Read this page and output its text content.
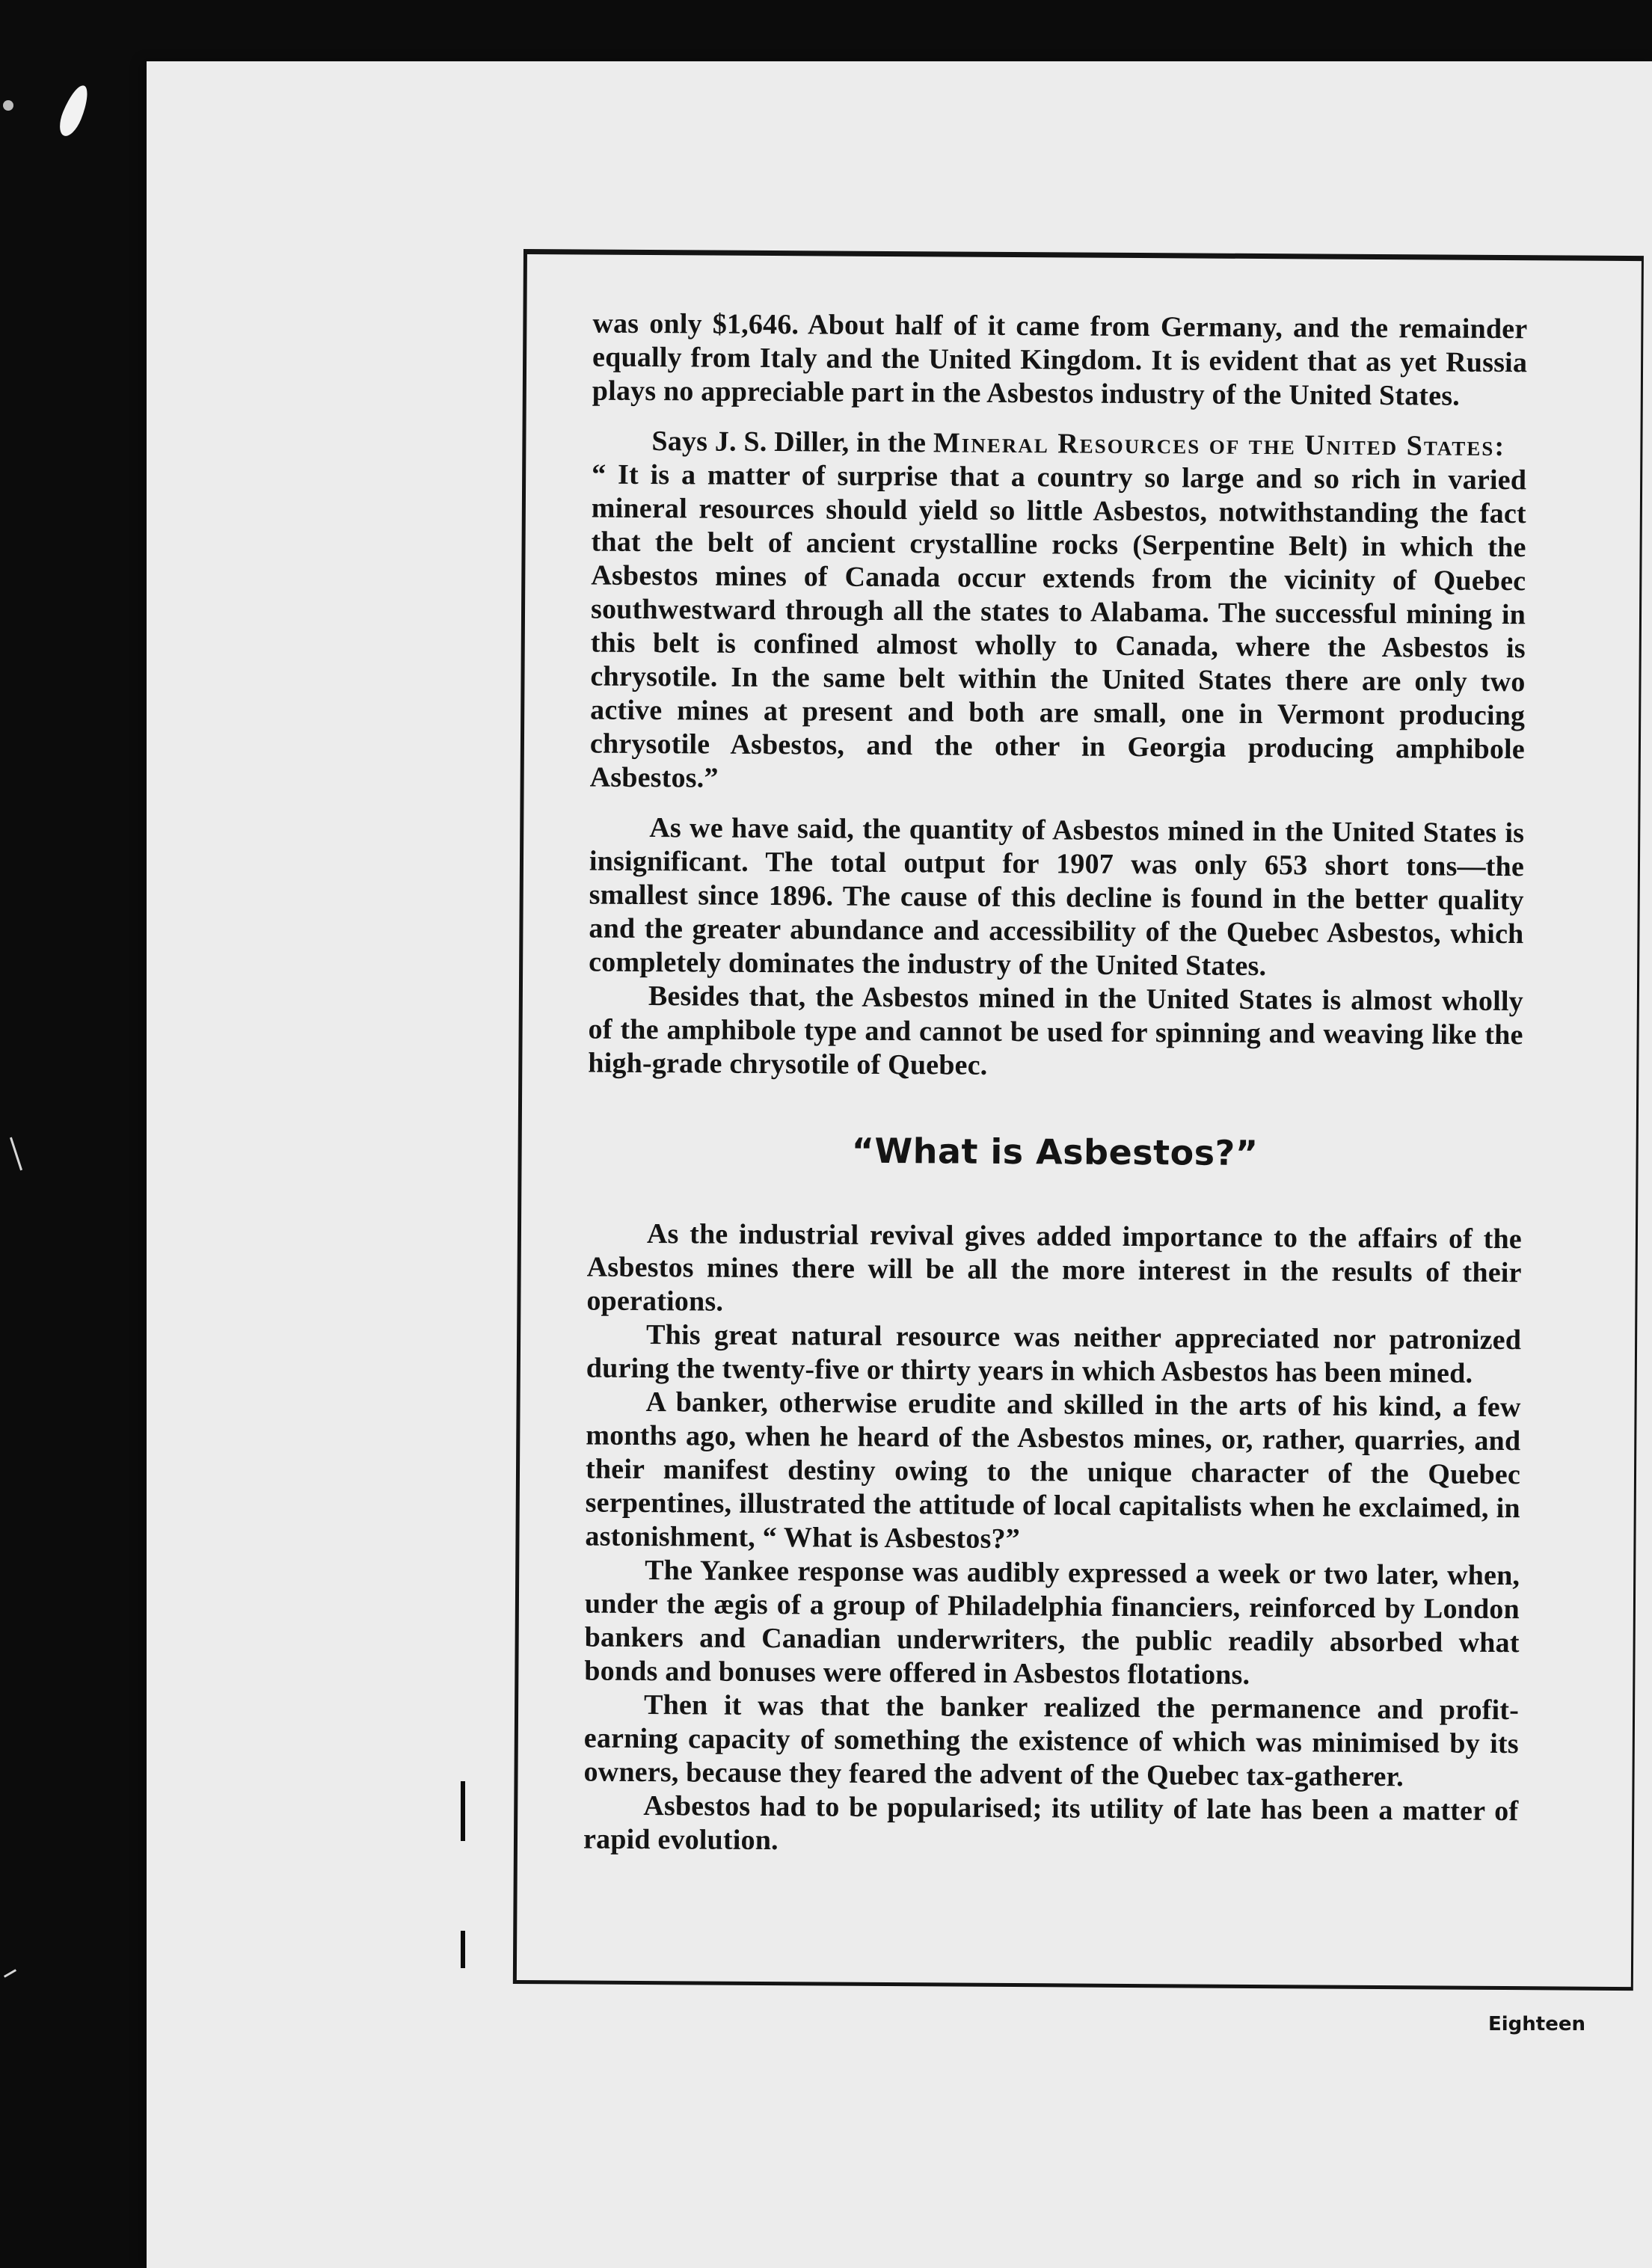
was only $1,646. About half of it came from Germany, and the remainder equally from Italy and the United Kingdom. It is evident that as yet Russia plays no appreciable part in the Asbestos industry of the United States.

Says J. S. Diller, in the Mineral Resources of the United States:

“ It is a matter of surprise that a country so large and so rich in varied mineral resources should yield so little Asbestos, notwithstanding the fact that the belt of ancient crystalline rocks (Serpentine Belt) in which the Asbestos mines of Canada occur extends from the vicinity of Quebec southwestward through all the states to Alabama. The successful mining in this belt is confined almost wholly to Canada, where the Asbestos is chrysotile. In the same belt within the United States there are only two active mines at present and both are small, one in Vermont producing chrysotile Asbestos, and the other in Georgia producing amphibole Asbestos.”

As we have said, the quantity of Asbestos mined in the United States is insignificant. The total output for 1907 was only 653 short tons—the smallest since 1896. The cause of this decline is found in the better quality and the greater abundance and accessibility of the Quebec Asbestos, which completely dominates the industry of the United States.

Besides that, the Asbestos mined in the United States is almost wholly of the amphibole type and cannot be used for spinning and weaving like the high-grade chrysotile of Quebec.

“What is Asbestos?”

As the industrial revival gives added importance to the affairs of the Asbestos mines there will be all the more interest in the results of their operations.

This great natural resource was neither appreciated nor patronized during the twenty-five or thirty years in which Asbestos has been mined.

A banker, otherwise erudite and skilled in the arts of his kind, a few months ago, when he heard of the Asbestos mines, or, rather, quarries, and their manifest destiny owing to the unique character of the Quebec serpentines, illustrated the attitude of local capitalists when he exclaimed, in astonishment, “ What is Asbestos?”

The Yankee response was audibly expressed a week or two later, when, under the ægis of a group of Philadelphia financiers, reinforced by London bankers and Canadian underwriters, the public readily absorbed what bonds and bonuses were offered in Asbestos flotations.

Then it was that the banker realized the permanence and profit-earning capacity of something the existence of which was minimised by its owners, because they feared the advent of the Quebec tax-gatherer.

Asbestos had to be popularised; its utility of late has been a matter of rapid evolution.

Eighteen
